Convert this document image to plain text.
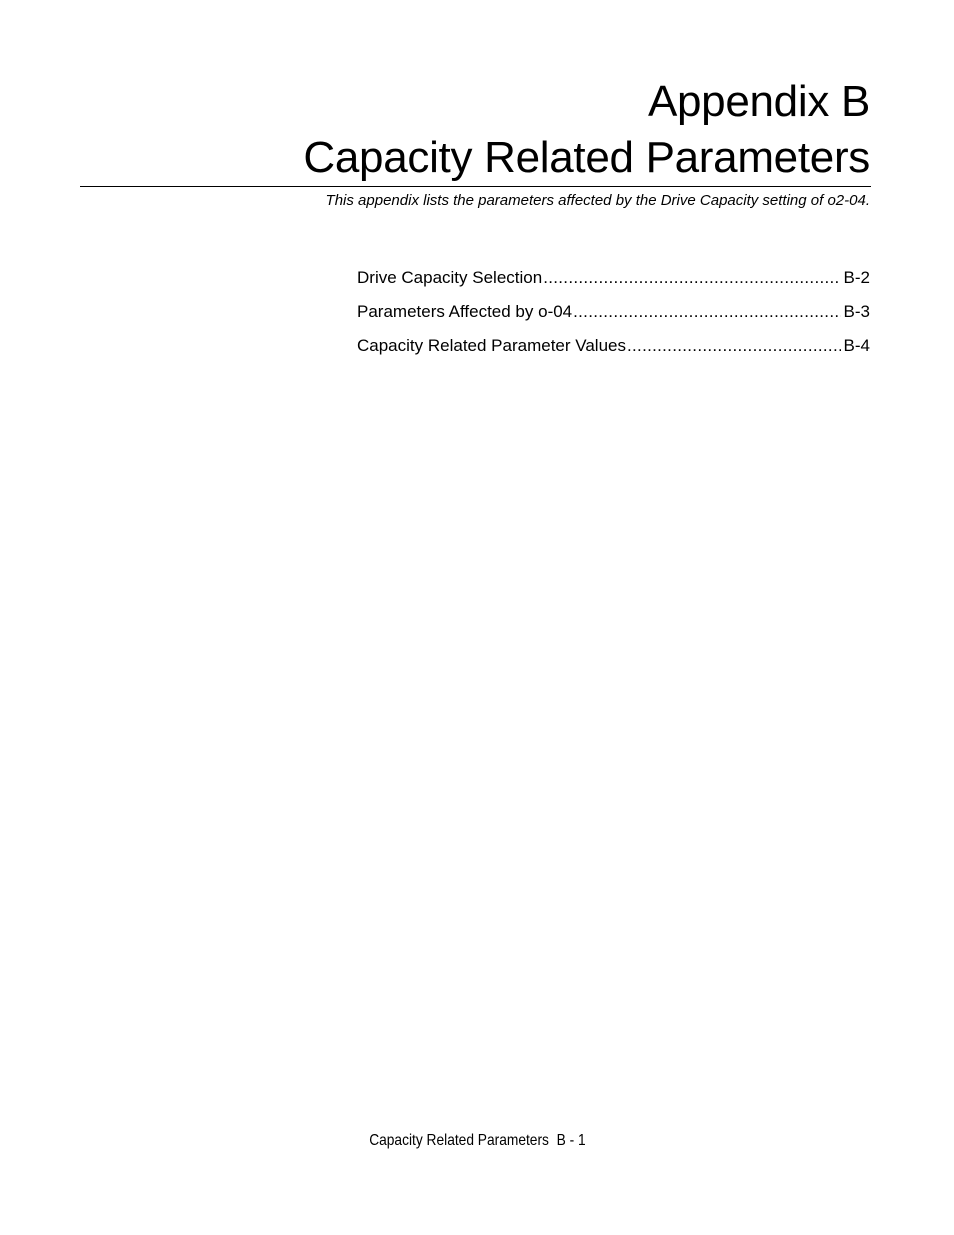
Appendix B
Capacity Related Parameters
This appendix lists the parameters affected by the Drive Capacity setting of o2-04.
Drive Capacity Selection .....	B-2
Parameters Affected by o-04 .....	B-3
Capacity Related Parameter Values .....	B-4
Capacity Related Parameters  B - 1
